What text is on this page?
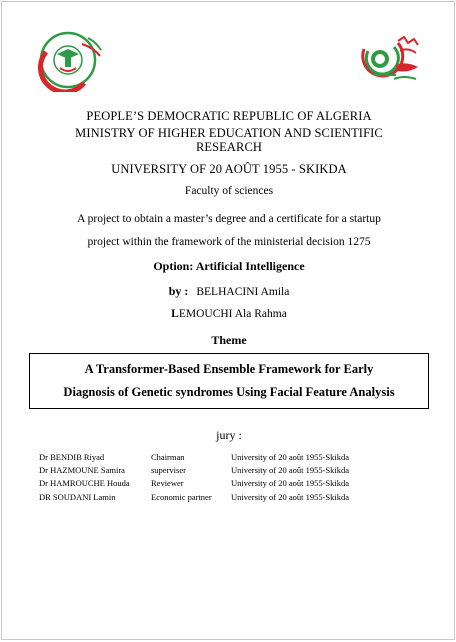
PEOPLE’S DEMOCRATIC REPUBLIC OF ALGERIA
MINISTRY OF HIGHER EDUCATION AND SCIENTIFIC
RESEARCH
UNIVERSITY OF 20 AOÛT 1955 - SKIKDA
Faculty of sciences
A project to obtain a master’s degree and a certificate for a startup
project within the framework of the ministerial decision 1275
Option: Artificial Intelligence
by : BELHACINI Amila
LEMOUCHI Ala Rahma
Theme
A Transformer-Based Ensemble Framework for Early
Diagnosis of Genetic syndromes Using Facial Feature Analysis
jury :
Dr BENDIB Riyad	Chairman	University of 20 août 1955-Skikda
Dr HAZMOUNE Samira	superviser	University of 20 août 1955-Skikda
Dr HAMROUCHE Houda	Reviewer	University of 20 août 1955-Skikda
DR SOUDANI Lamin	Economic partner	University of 20 août 1955-Skikda
